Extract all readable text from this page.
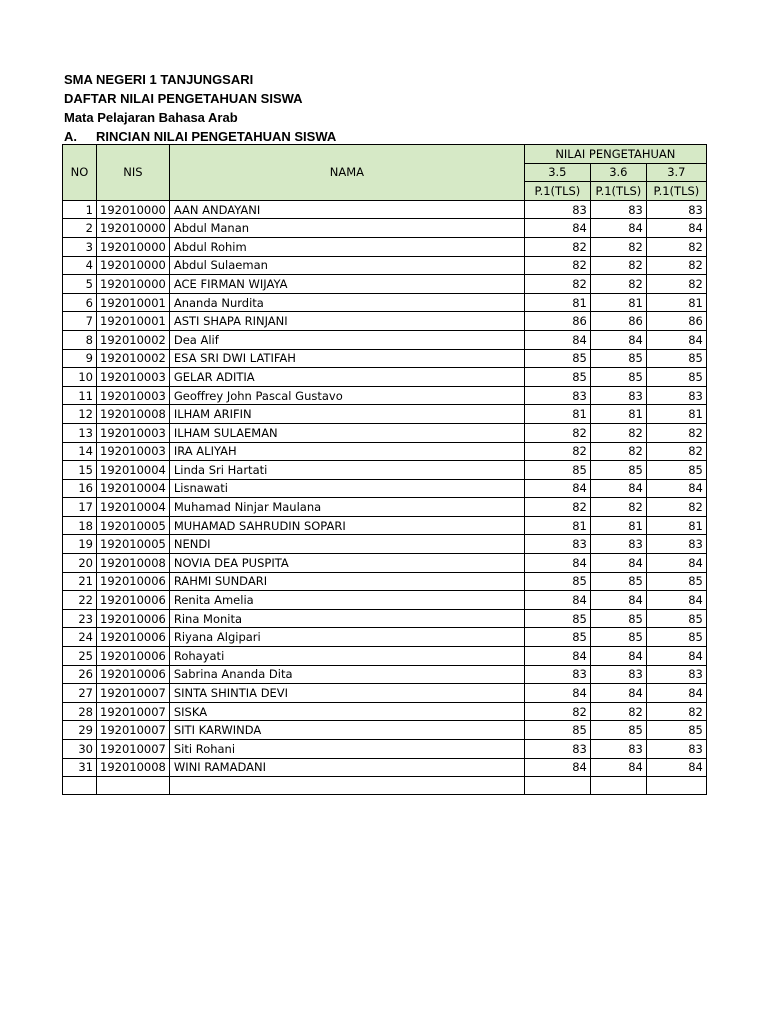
SMA NEGERI 1 TANJUNGSARI
DAFTAR NILAI PENGETAHUAN SISWA
Mata Pelajaran Bahasa Arab
A. RINCIAN NILAI PENGETAHUAN SISWA
NO	NIS	NAMA	NILAI PENGETAHUAN		
			3.5	3.6	3.7
			P.1(TLS)	P.1(TLS)	P.1(TLS)
1	192010000	AAN ANDAYANI	83	83	83
2	192010000	Abdul Manan	84	84	84
3	192010000	Abdul Rohim	82	82	82
4	192010000	Abdul Sulaeman	82	82	82
5	192010000	ACE FIRMAN WIJAYA	82	82	82
6	192010001	Ananda Nurdita	81	81	81
7	192010001	ASTI SHAPA RINJANI	86	86	86
8	192010002	Dea Alif	84	84	84
9	192010002	ESA SRI DWI LATIFAH	85	85	85
10	192010003	GELAR ADITIA	85	85	85
11	192010003	Geoffrey John Pascal Gustavo	83	83	83
12	192010008	ILHAM ARIFIN	81	81	81
13	192010003	ILHAM SULAEMAN	82	82	82
14	192010003	IRA ALIYAH	82	82	82
15	192010004	Linda Sri Hartati	85	85	85
16	192010004	Lisnawati	84	84	84
17	192010004	Muhamad Ninjar Maulana	82	82	82
18	192010005	MUHAMAD SAHRUDIN SOPARI	81	81	81
19	192010005	NENDI	83	83	83
20	192010008	NOVIA DEA PUSPITA	84	84	84
21	192010006	RAHMI SUNDARI	85	85	85
22	192010006	Renita Amelia	84	84	84
23	192010006	Rina Monita	85	85	85
24	192010006	Riyana Algipari	85	85	85
25	192010006	Rohayati	84	84	84
26	192010006	Sabrina Ananda Dita	83	83	83
27	192010007	SINTA SHINTIA DEVI	84	84	84
28	192010007	SISKA	82	82	82
29	192010007	SITI KARWINDA	85	85	85
30	192010007	Siti Rohani	83	83	83
31	192010008	WINI RAMADANI	84	84	84
